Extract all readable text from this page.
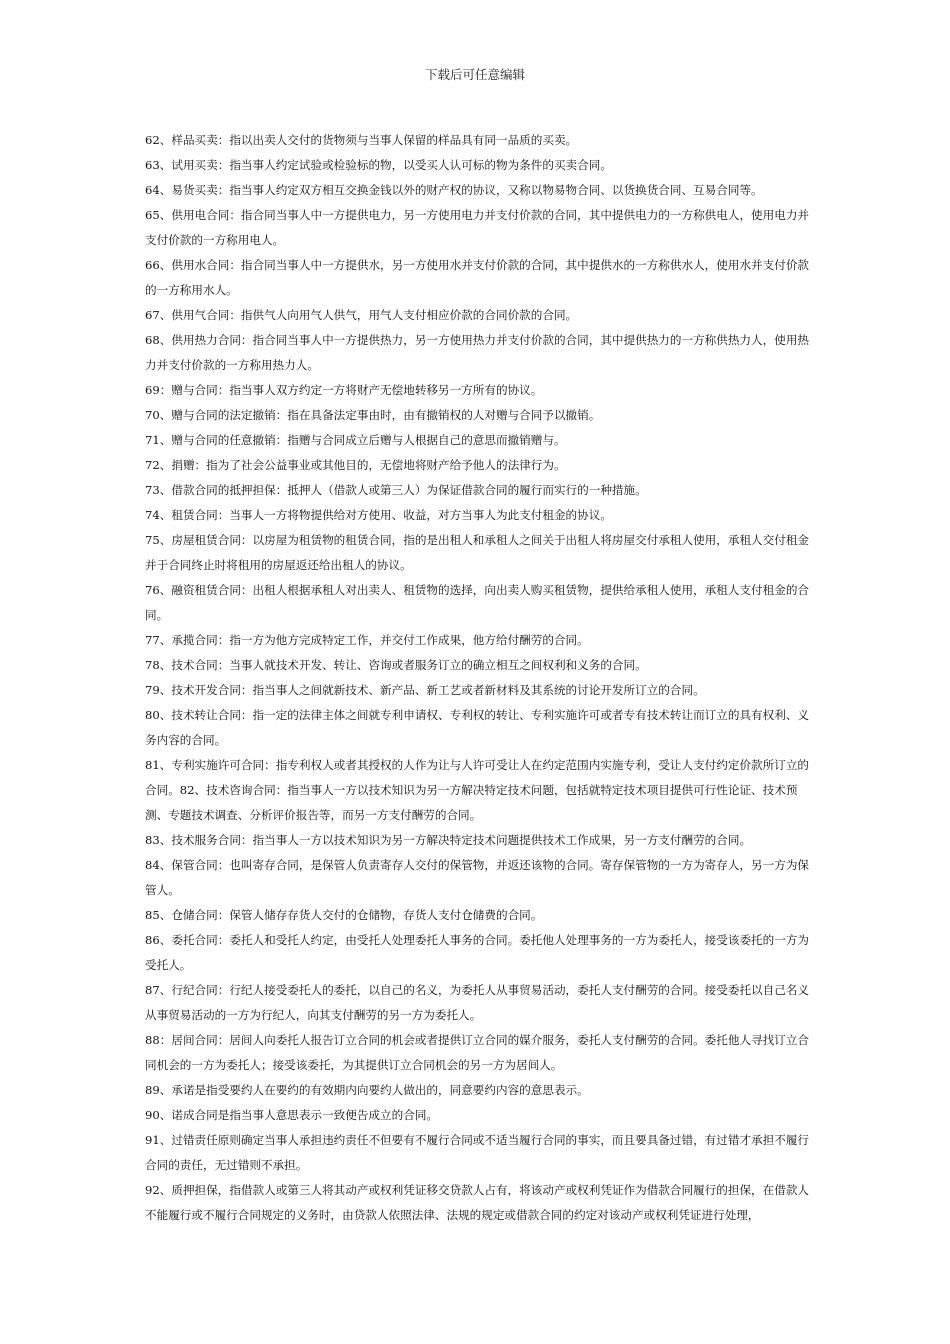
下载后可任意编辑

62、样品买卖：指以出卖人交付的货物须与当事人保留的样品具有同一品质的买卖。

63、试用买卖：指当事人约定试验或检验标的物，以受买人认可标的物为条件的买卖合同。

64、易货买卖：指当事人约定双方相互交换金钱以外的财产权的协议，又称以物易物合同、以货换货合同、互易合同等。

65、供用电合同：指合同当事人中一方提供电力，另一方使用电力并支付价款的合同，其中提供电力的一方称供电人，使用电力并支付价款的一方称用电人。

66、供用水合同：指合同当事人中一方提供水，另一方使用水并支付价款的合同，其中提供水的一方称供水人，使用水并支付价款的一方称用水人。

67、供用气合同：指供气人向用气人供气，用气人支付相应价款的合同价款的合同。

68、供用热力合同：指合同当事人中一方提供热力，另一方使用热力并支付价款的合同，其中提供热力的一方称供热力人，使用热力并支付价款的一方称用热力人。

69：赠与合同：指当事人双方约定一方将财产无偿地转移另一方所有的协议。

70、赠与合同的法定撤销：指在具备法定事由时，由有撤销权的人对赠与合同予以撤销。

71、赠与合同的任意撤销：指赠与合同成立后赠与人根据自己的意思而撤销赠与。

72、捐赠：指为了社会公益事业或其他目的，无偿地将财产给予他人的法律行为。

73、借款合同的抵押担保：抵押人（借款人或第三人）为保证借款合同的履行而实行的一种措施。

74、租赁合同：当事人一方将物提供给对方使用、收益，对方当事人为此支付租金的协议。

75、房屋租赁合同：以房屋为租赁物的租赁合同，指的是出租人和承租人之间关于出租人将房屋交付承租人使用，承租人交付租金并于合同终止时将租用的房屋返还给出租人的协议。

76、融资租赁合同：出租人根据承租人对出卖人、租赁物的选择，向出卖人购买租赁物，提供给承租人使用，承租人支付租金的合同。

77、承揽合同：指一方为他方完成特定工作，并交付工作成果，他方给付酬劳的合同。

78、技术合同：当事人就技术开发、转让、咨询或者服务订立的确立相互之间权利和义务的合同。

79、技术开发合同：指当事人之间就新技术、新产品、新工艺或者新材料及其系统的讨论开发所订立的合同。

80、技术转让合同：指一定的法律主体之间就专利申请权、专利权的转让、专利实施许可或者专有技术转让而订立的具有权利、义务内容的合同。

81、专利实施许可合同：指专利权人或者其授权的人作为让与人许可受让人在约定范围内实施专利，受让人支付约定价款所订立的合同。82、技术咨询合同：指当事人一方以技术知识为另一方解决特定技术问题，包括就特定技术项目提供可行性论证、技术预测、专题技术调查、分析评价报告等，而另一方支付酬劳的合同。

83、技术服务合同：指当事人一方以技术知识为另一方解决特定技术问题提供技术工作成果，另一方支付酬劳的合同。

84、保管合同：也叫寄存合同，是保管人负责寄存人交付的保管物，并返还该物的合同。寄存保管物的一方为寄存人，另一方为保管人。

85、仓储合同：保管人储存存货人交付的仓储物，存货人支付仓储费的合同。

86、委托合同：委托人和受托人约定，由受托人处理委托人事务的合同。委托他人处理事务的一方为委托人，接受该委托的一方为受托人。

87、行纪合同：行纪人接受委托人的委托，以自己的名义，为委托人从事贸易活动，委托人支付酬劳的合同。接受委托以自己名义从事贸易活动的一方为行纪人，向其支付酬劳的另一方为委托人。

88：居间合同：居间人向委托人报告订立合同的机会或者提供订立合同的媒介服务，委托人支付酬劳的合同。委托他人寻找订立合同机会的一方为委托人；接受该委托，为其提供订立合同机会的另一方为居间人。

89、承诺是指受要约人在要约的有效期内向要约人做出的，同意要约内容的意思表示。

90、诺成合同是指当事人意思表示一致便告成立的合同。

91、过错责任原则确定当事人承担违约责任不但要有不履行合同或不适当履行合同的事实，而且要具备过错，有过错才承担不履行合同的责任，无过错则不承担。

92、质押担保，指借款人或第三人将其动产或权利凭证移交贷款人占有，将该动产或权利凭证作为借款合同履行的担保，在借款人不能履行或不履行合同规定的义务时，由贷款人依照法律、法规的规定或借款合同的约定对该动产或权利凭证进行处理，
